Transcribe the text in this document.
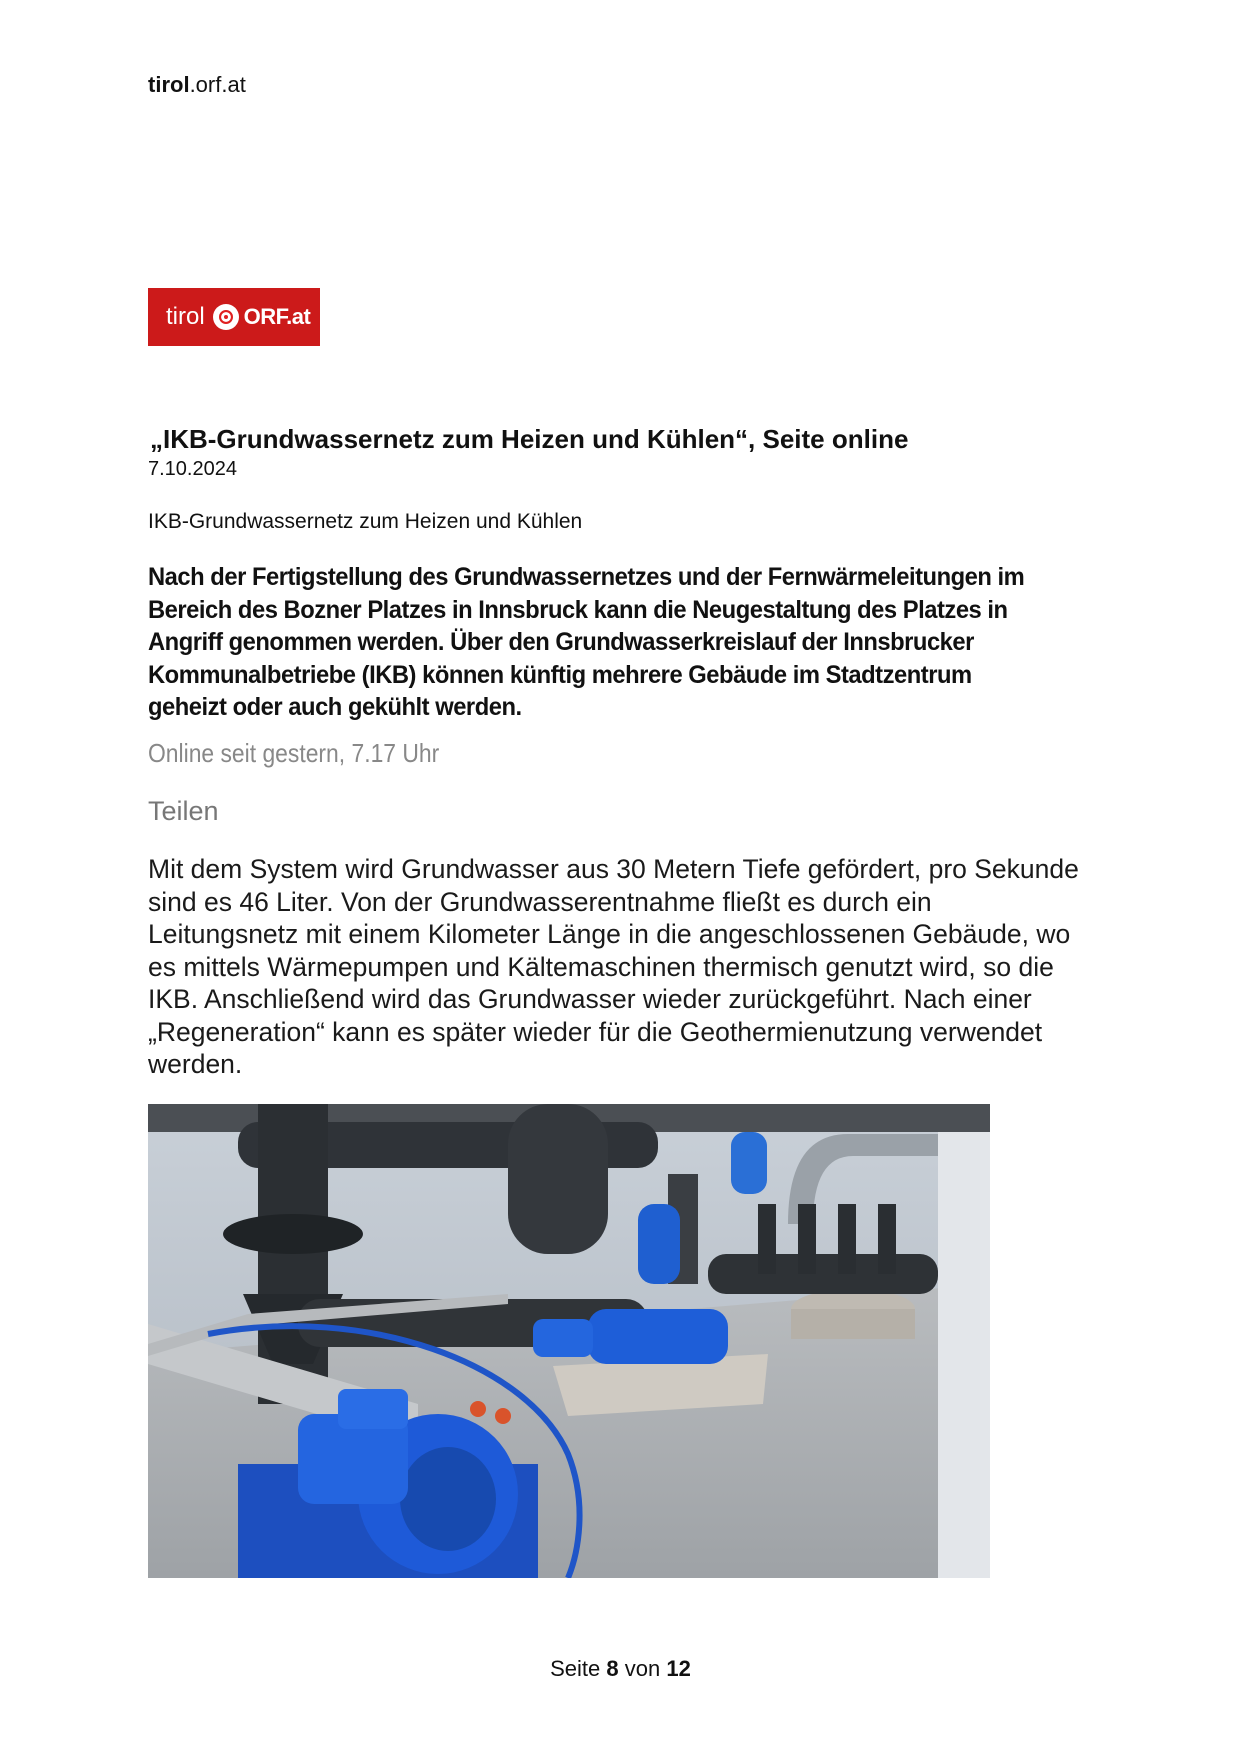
tirol.orf.at
tirol ORF.at
„IKB-Grundwassernetz zum Heizen und Kühlen“, Seite online
7.10.2024
IKB-Grundwassernetz zum Heizen und Kühlen

Nach der Fertigstellung des Grundwassernetzes und der Fernwärmeleitungen im Bereich des Bozner Platzes in Innsbruck kann die Neugestaltung des Platzes in Angriff genommen werden. Über den Grundwasserkreislauf der Innsbrucker Kommunalbetriebe (IKB) können künftig mehrere Gebäude im Stadtzentrum geheizt oder auch gekühlt werden.

Online seit gestern, 7.17 Uhr
Teilen

Mit dem System wird Grundwasser aus 30 Metern Tiefe gefördert, pro Sekunde sind es 46 Liter. Von der Grundwasserentnahme fließt es durch ein Leitungsnetz mit einem Kilometer Länge in die angeschlossenen Gebäude, wo es mittels Wärmepumpen und Kältemaschinen thermisch genutzt wird, so die IKB. Anschließend wird das Grundwasser wieder zurückgeführt. Nach einer „Regeneration“ kann es später wieder für die Geothermienutzung verwendet werden.

Seite 8 von 12
